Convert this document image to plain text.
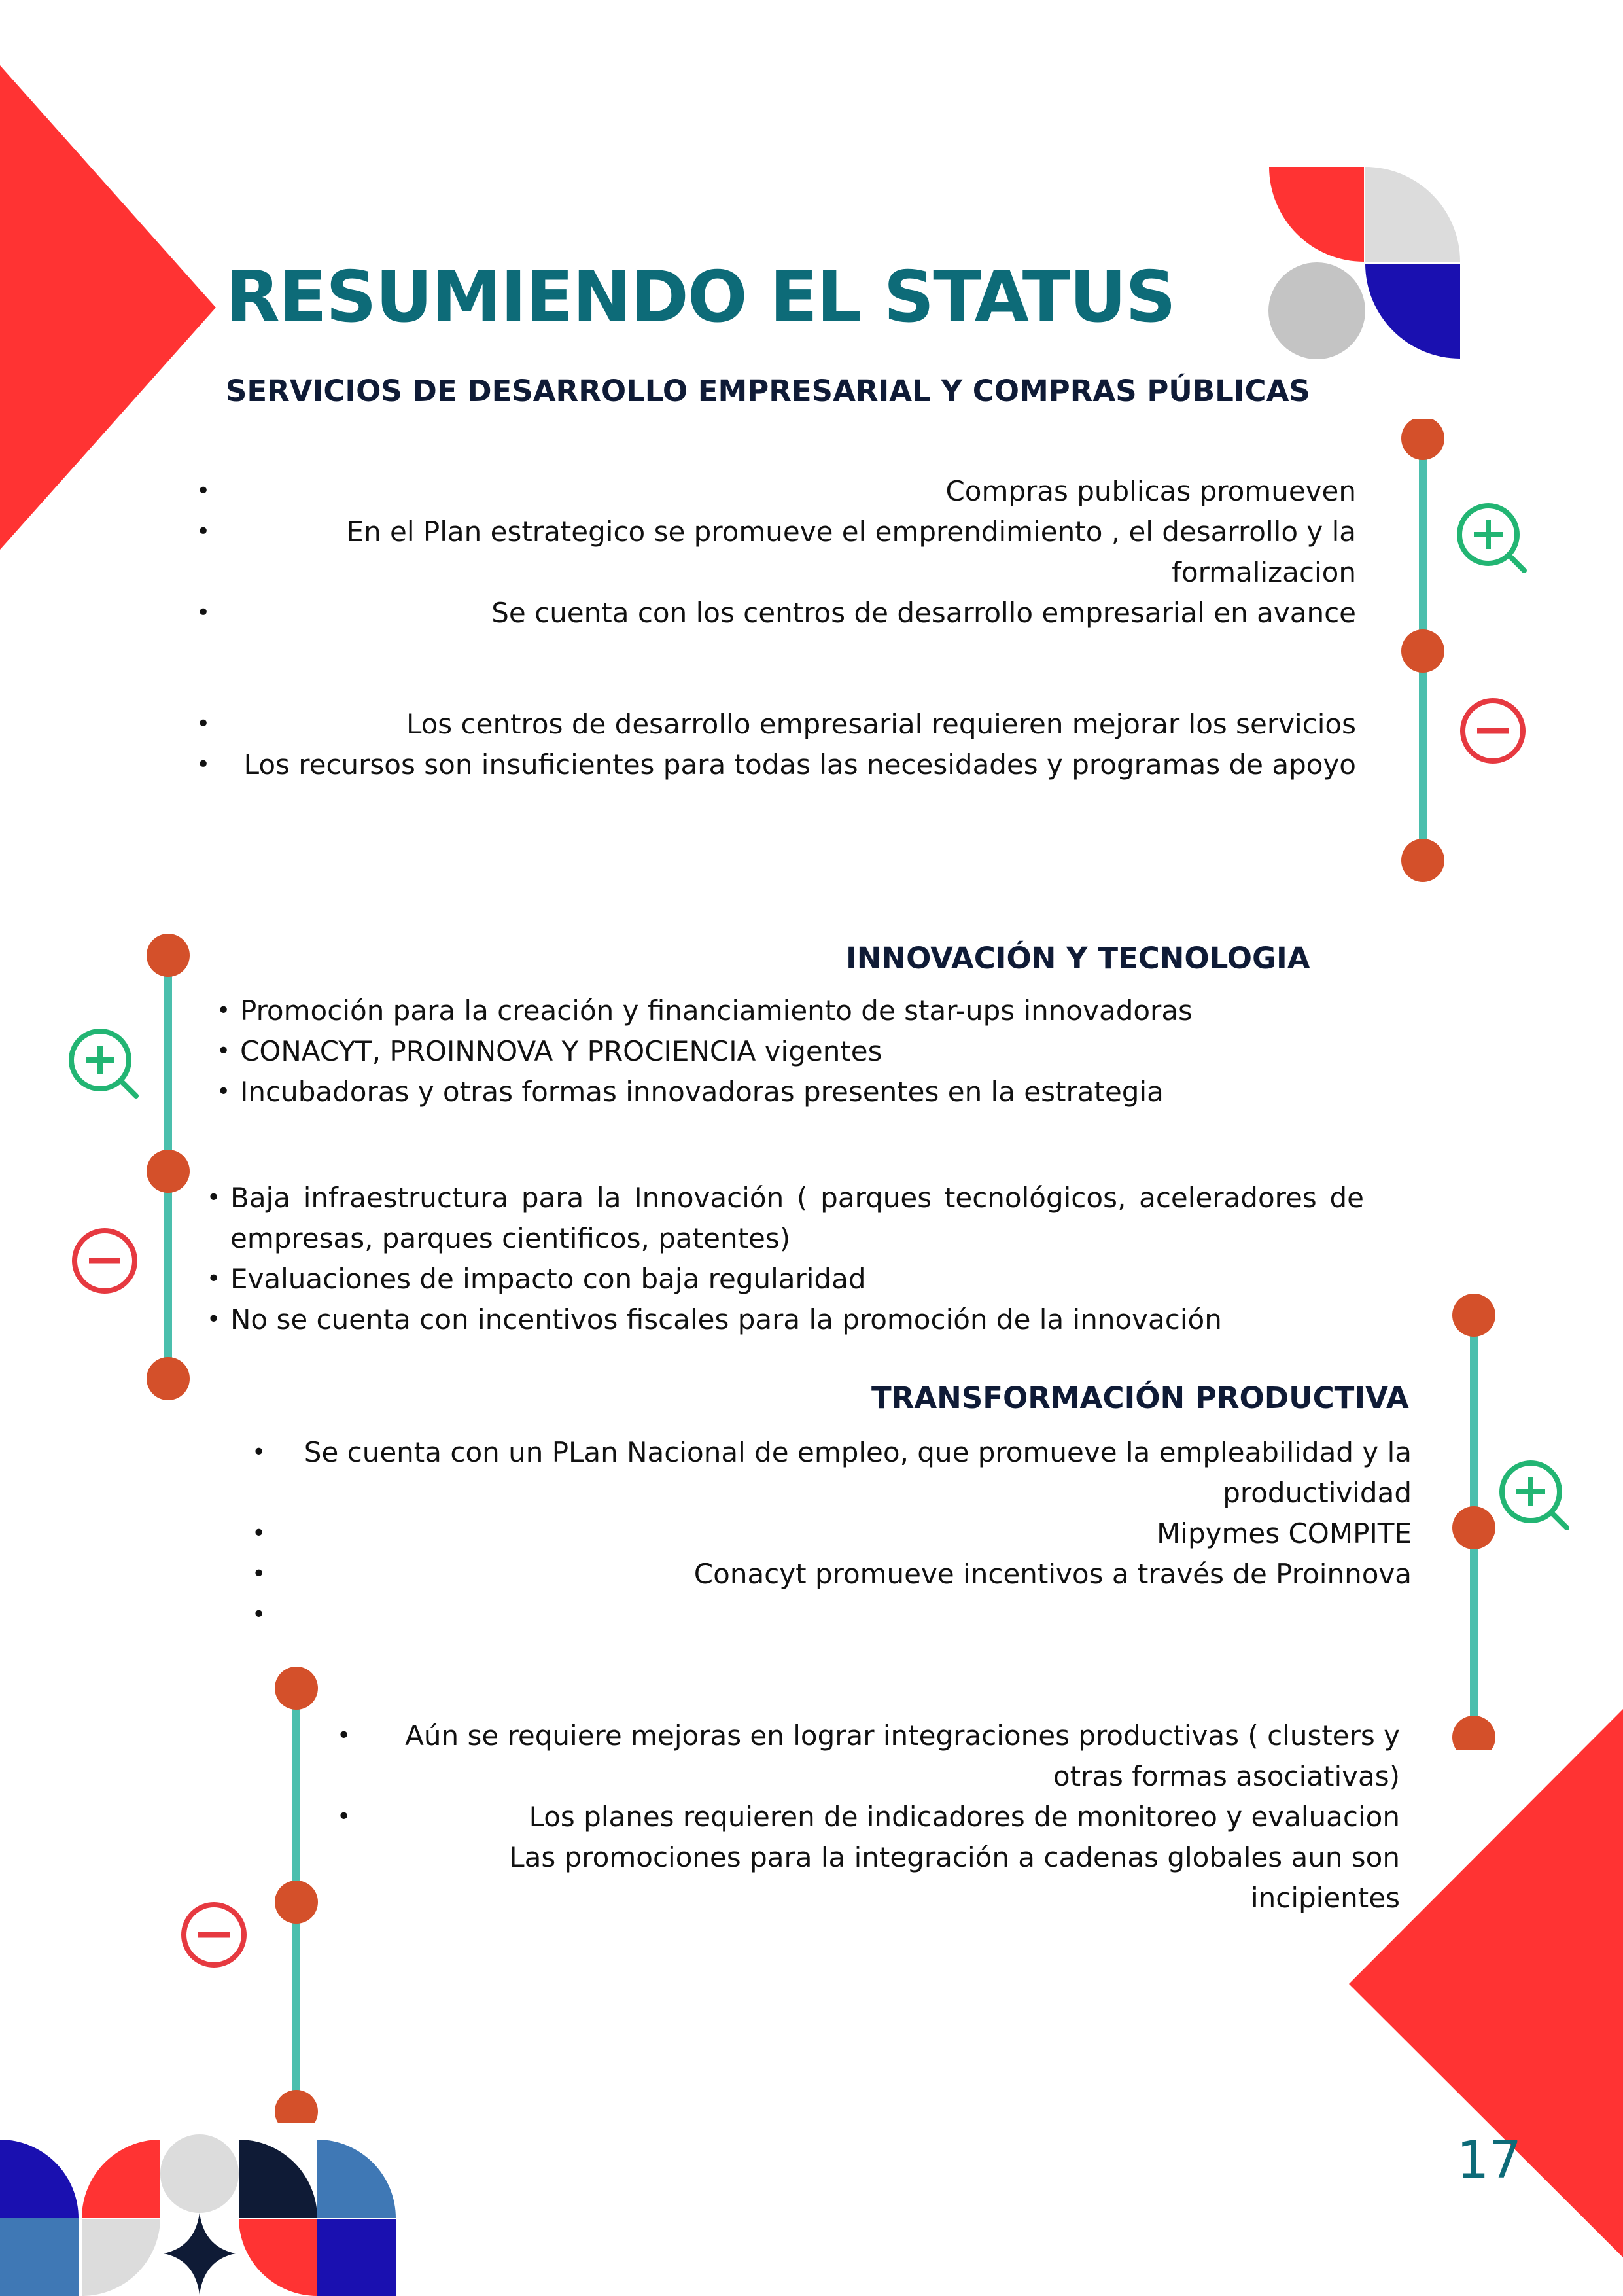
RESUMIENDO EL STATUS
SERVICIOS DE DESARROLLO EMPRESARIAL Y COMPRAS PÚBLICAS
• Compras publicas promueven
• En el Plan estrategico se promueve el emprendimiento , el desarrollo y la formalizacion
• Se cuenta con los centros de desarrollo empresarial en avance
• Los centros de desarrollo empresarial requieren mejorar los servicios
• Los recursos son insuficientes para todas las necesidades y programas de apoyo
INNOVACIÓN Y TECNOLOGIA
• Promoción para la creación y financiamiento de star-ups innovadoras
• CONACYT, PROINNOVA Y PROCIENCIA vigentes
• Incubadoras y otras formas innovadoras presentes en la estrategia
• Baja infraestructura para la Innovación ( parques tecnológicos, aceleradores de empresas, parques cientificos, patentes)
• Evaluaciones de impacto con baja regularidad
• No se cuenta con incentivos fiscales para la promoción de la innovación
TRANSFORMACIÓN PRODUCTIVA
• Se cuenta con un PLan Nacional de empleo, que promueve la empleabilidad y la productividad
• Mipymes COMPITE
• Conacyt promueve incentivos a través de Proinnova
•
• Aún se requiere mejoras en lograr integraciones productivas ( clusters y otras formas asociativas)
• Los planes requieren de indicadores de monitoreo y evaluacion
Las promociones para la integración a cadenas globales aun son incipientes
17
